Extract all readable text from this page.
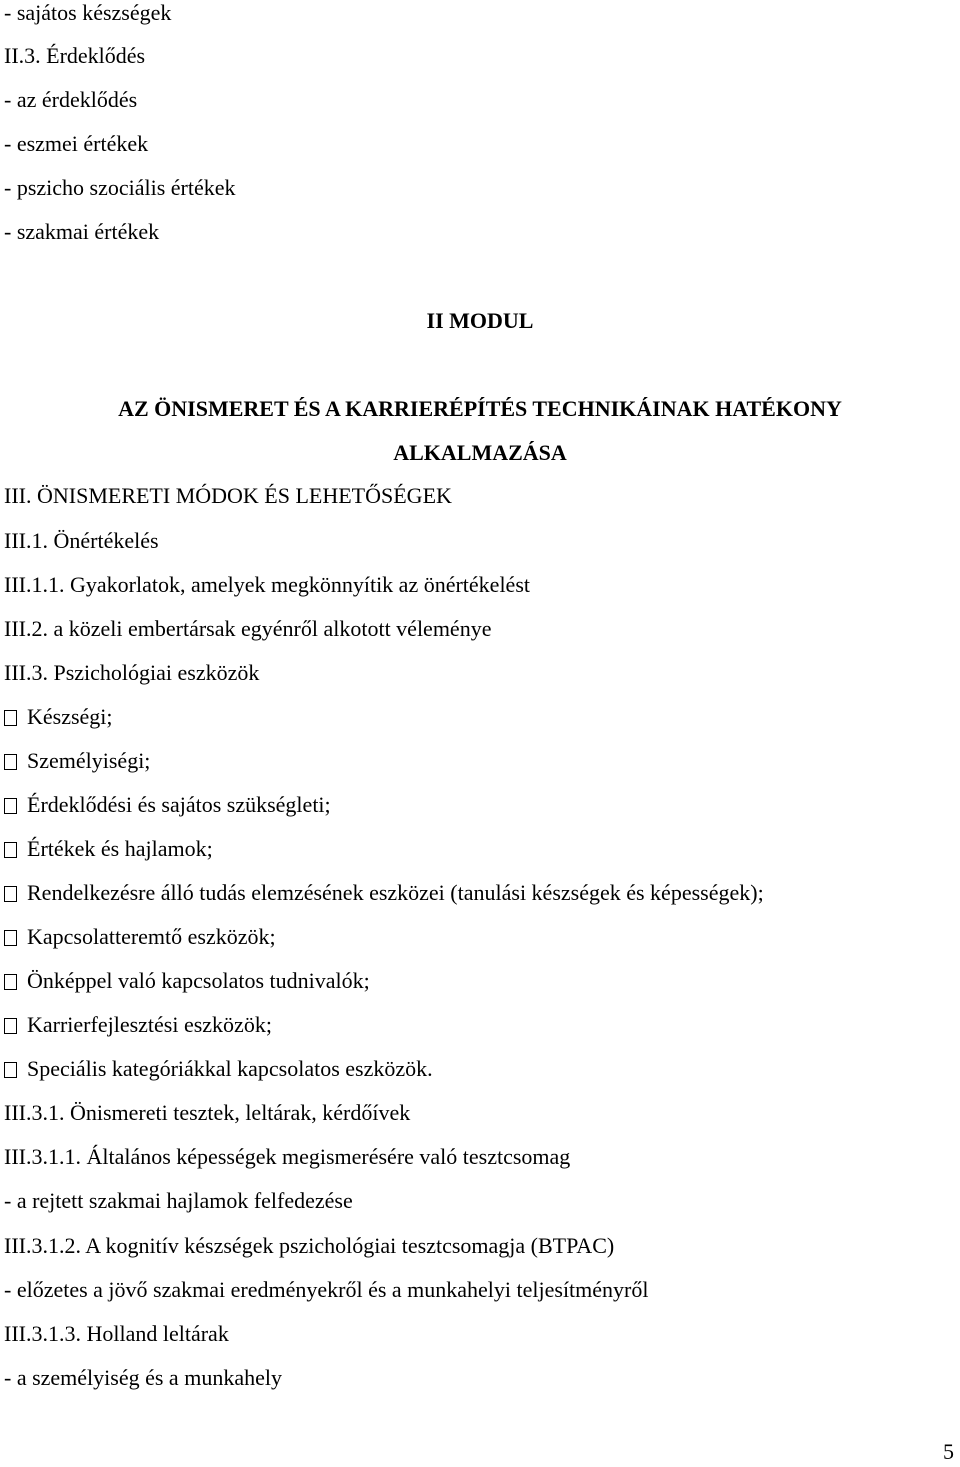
- sajátos készségek
II.3. Érdeklődés
- az érdeklődés
- eszmei értékek
- pszicho szociális értékek
- szakmai értékek
II MODUL
AZ ÖNISMERET ÉS A KARRIERÉPÍTÉS TECHNIKÁINAK HATÉKONY
ALKALMAZÁSA
III. ÖNISMERETI MÓDOK ÉS LEHETŐSÉGEK
III.1. Önértékelés
III.1.1. Gyakorlatok, amelyek megkönnyítik az önértékelést
III.2. a közeli embertársak egyénről alkotott véleménye
III.3. Pszichológiai eszközök
Készségi;
Személyiségi;
Érdeklődési és sajátos szükségleti;
Értékek és hajlamok;
Rendelkezésre álló tudás elemzésének eszközei (tanulási készségek és képességek);
Kapcsolatteremtő eszközök;
Önképpel való kapcsolatos tudnivalók;
Karrierfejlesztési eszközök;
Speciális kategóriákkal kapcsolatos eszközök.
III.3.1. Önismereti tesztek, leltárak, kérdőívek
III.3.1.1. Általános képességek megismerésére való tesztcsomag
- a rejtett szakmai hajlamok felfedezése
III.3.1.2. A kognitív készségek pszichológiai tesztcsomagja (BTPAC)
- előzetes a jövő szakmai eredményekről és a munkahelyi teljesítményről
III.3.1.3. Holland leltárak
- a személyiség és a munkahely
5
